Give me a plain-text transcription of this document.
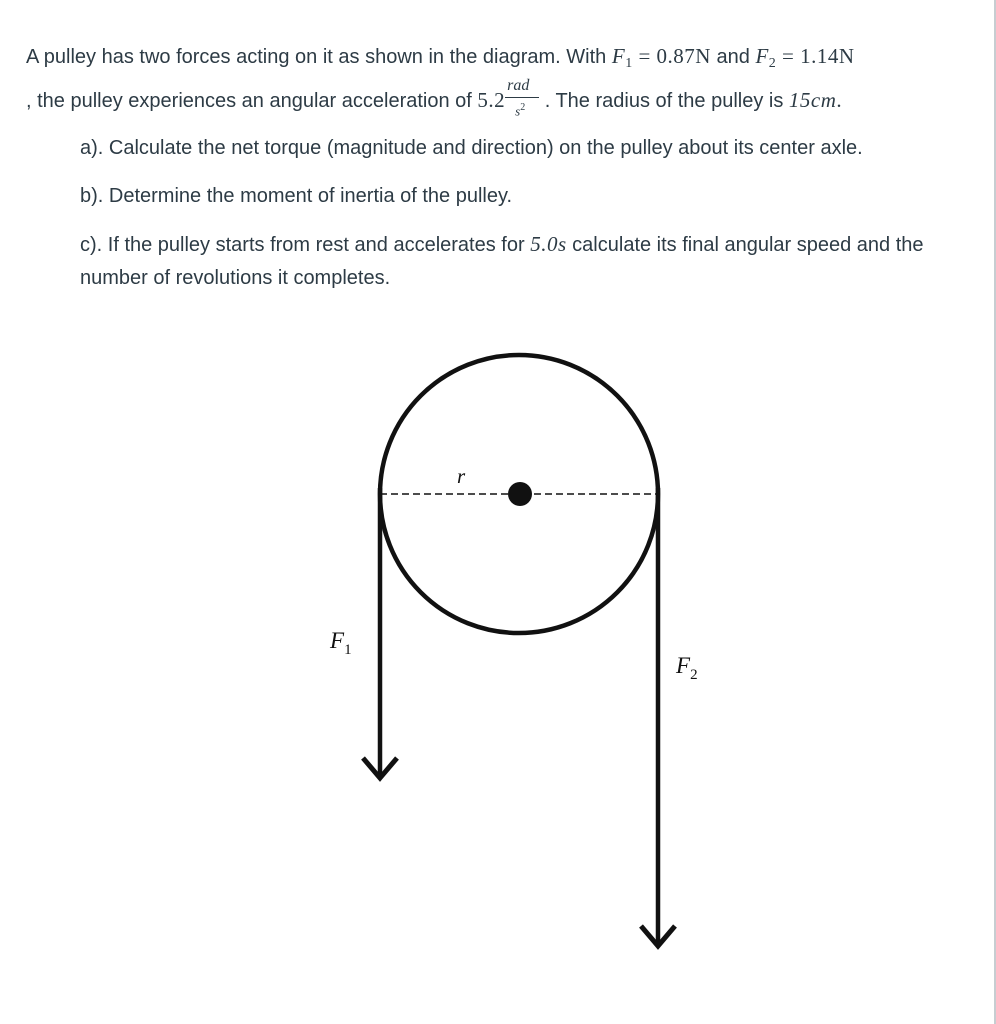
A pulley has two forces acting on it as shown in the diagram. With $F_1 = 0.87N$ and $F_2 = 1.14N$
, the pulley experiences an angular acceleration of $5.2 \frac{\text{rad}}{s^2}$ . The radius of the pulley is 15cm.
a). Calculate the net torque (magnitude and direction) on the pulley about its center axle.
b). Determine the moment of inertia of the pulley.
c). If the pulley starts from rest and accelerates for 5.0s calculate its final angular speed and the number of revolutions it completes.
r
$F_1$
$F_2$
